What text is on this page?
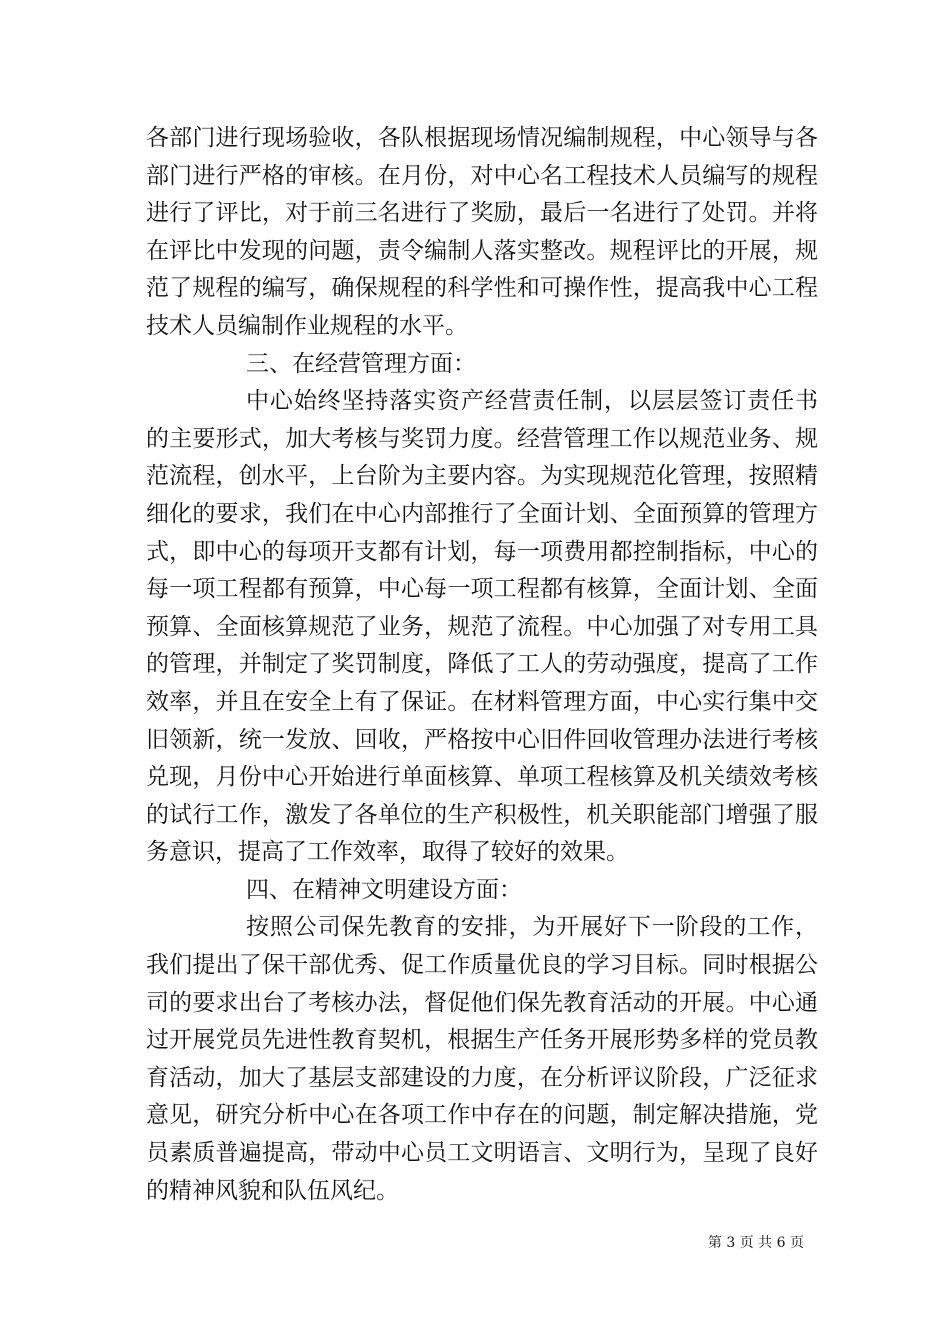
各部门进行现场验收，各队根据现场情况编制规程，中心领导与各部门进行严格的审核。在月份，对中心名工程技术人员编写的规程进行了评比，对于前三名进行了奖励，最后一名进行了处罚。并将在评比中发现的问题，责令编制人落实整改。规程评比的开展，规范了规程的编写，确保规程的科学性和可操作性，提高我中心工程技术人员编制作业规程的水平。

三、在经营管理方面：

中心始终坚持落实资产经营责任制，以层层签订责任书的主要形式，加大考核与奖罚力度。经营管理工作以规范业务、规范流程，创水平，上台阶为主要内容。为实现规范化管理，按照精细化的要求，我们在中心内部推行了全面计划、全面预算的管理方式，即中心的每项开支都有计划，每一项费用都控制指标，中心的每一项工程都有预算，中心每一项工程都有核算，全面计划、全面预算、全面核算规范了业务，规范了流程。中心加强了对专用工具的管理，并制定了奖罚制度，降低了工人的劳动强度，提高了工作效率，并且在安全上有了保证。在材料管理方面，中心实行集中交旧领新，统一发放、回收，严格按中心旧件回收管理办法进行考核兑现，月份中心开始进行单面核算、单项工程核算及机关绩效考核的试行工作，激发了各单位的生产积极性，机关职能部门增强了服务意识，提高了工作效率，取得了较好的效果。

四、在精神文明建设方面：

按照公司保先教育的安排，为开展好下一阶段的工作，我们提出了保干部优秀、促工作质量优良的学习目标。同时根据公司的要求出台了考核办法，督促他们保先教育活动的开展。中心通过开展党员先进性教育契机，根据生产任务开展形势多样的党员教育活动，加大了基层支部建设的力度，在分析评议阶段，广泛征求意见，研究分析中心在各项工作中存在的问题，制定解决措施，党员素质普遍提高，带动中心员工文明语言、文明行为，呈现了良好的精神风貌和队伍风纪。

第 3 页 共 6 页
